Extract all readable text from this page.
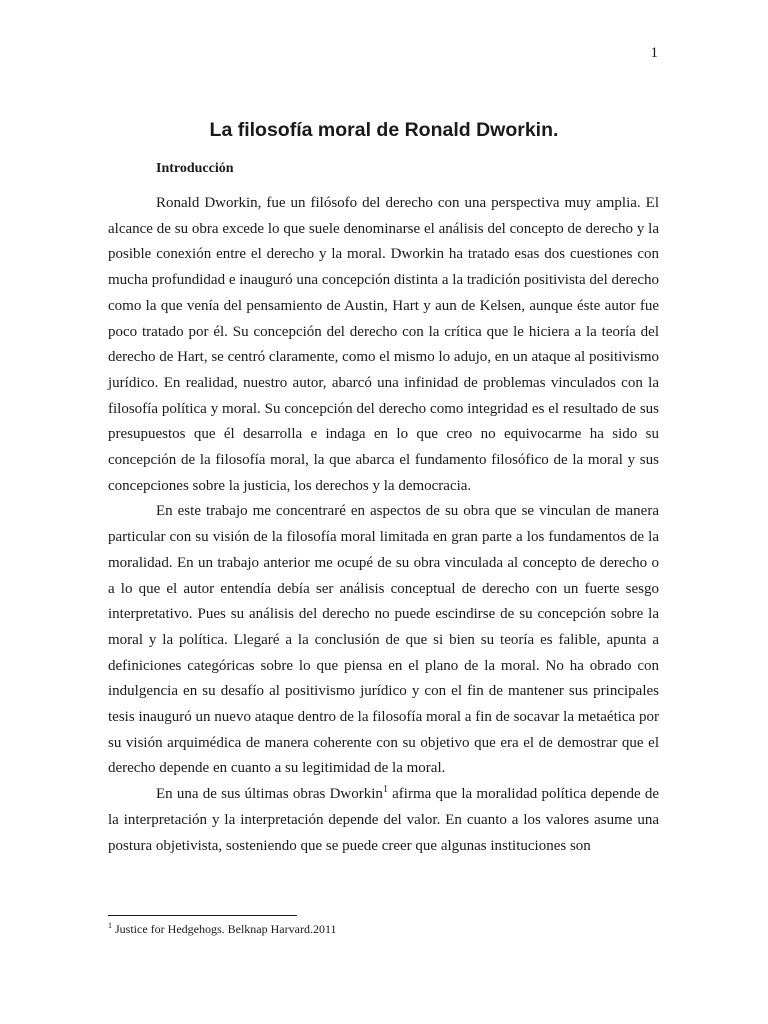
1
La filosofía moral de Ronald Dworkin.
Introducción

Ronald Dworkin, fue un filósofo del derecho con una perspectiva muy amplia. El alcance de su obra excede lo que suele denominarse el análisis del concepto de derecho y la posible conexión entre el derecho y la moral. Dworkin ha tratado esas dos cuestiones con mucha profundidad e inauguró una concepción distinta a la tradición positivista del derecho como la que venía del pensamiento de Austin, Hart y aun de Kelsen, aunque éste autor fue poco tratado por él. Su concepción del derecho con la crítica que le hiciera a la teoría del derecho de Hart, se centró claramente, como el mismo lo adujo, en un ataque al positivismo jurídico. En realidad, nuestro autor, abarcó una infinidad de problemas vinculados con la filosofía política y moral. Su concepción del derecho como integridad es el resultado de sus presupuestos que él desarrolla e indaga en lo que creo no equivocarme ha sido su concepción de la filosofía moral, la que abarca el fundamento filosófico de la moral y sus concepciones sobre la justicia, los derechos y la democracia.

En este trabajo me concentraré en aspectos de su obra que se vinculan de manera particular con su visión de la filosofía moral limitada en gran parte a los fundamentos de la moralidad. En un trabajo anterior me ocupé de su obra vinculada al concepto de derecho o a lo que el autor entendía debía ser análisis conceptual de derecho con un fuerte sesgo interpretativo. Pues su análisis del derecho no puede escindirse de su concepción sobre la moral y la política. Llegaré a la conclusión de que si bien su teoría es falible, apunta a definiciones categóricas sobre lo que piensa en el plano de la moral. No ha obrado con indulgencia en su desafío al positivismo jurídico y con el fin de mantener sus principales tesis inauguró un nuevo ataque dentro de la filosofía moral a fin de socavar la metaética por su visión arquimédica de manera coherente con su objetivo que era el de demostrar que el derecho depende en cuanto a su legitimidad de la moral.

En una de sus últimas obras Dworkin$^1$ afirma que la moralidad política depende de la interpretación y la interpretación depende del valor. En cuanto a los valores asume una postura objetivista, sosteniendo que se puede creer que algunas instituciones son

$^1$ Justice for Hedgehogs. Belknap Harvard.2011
